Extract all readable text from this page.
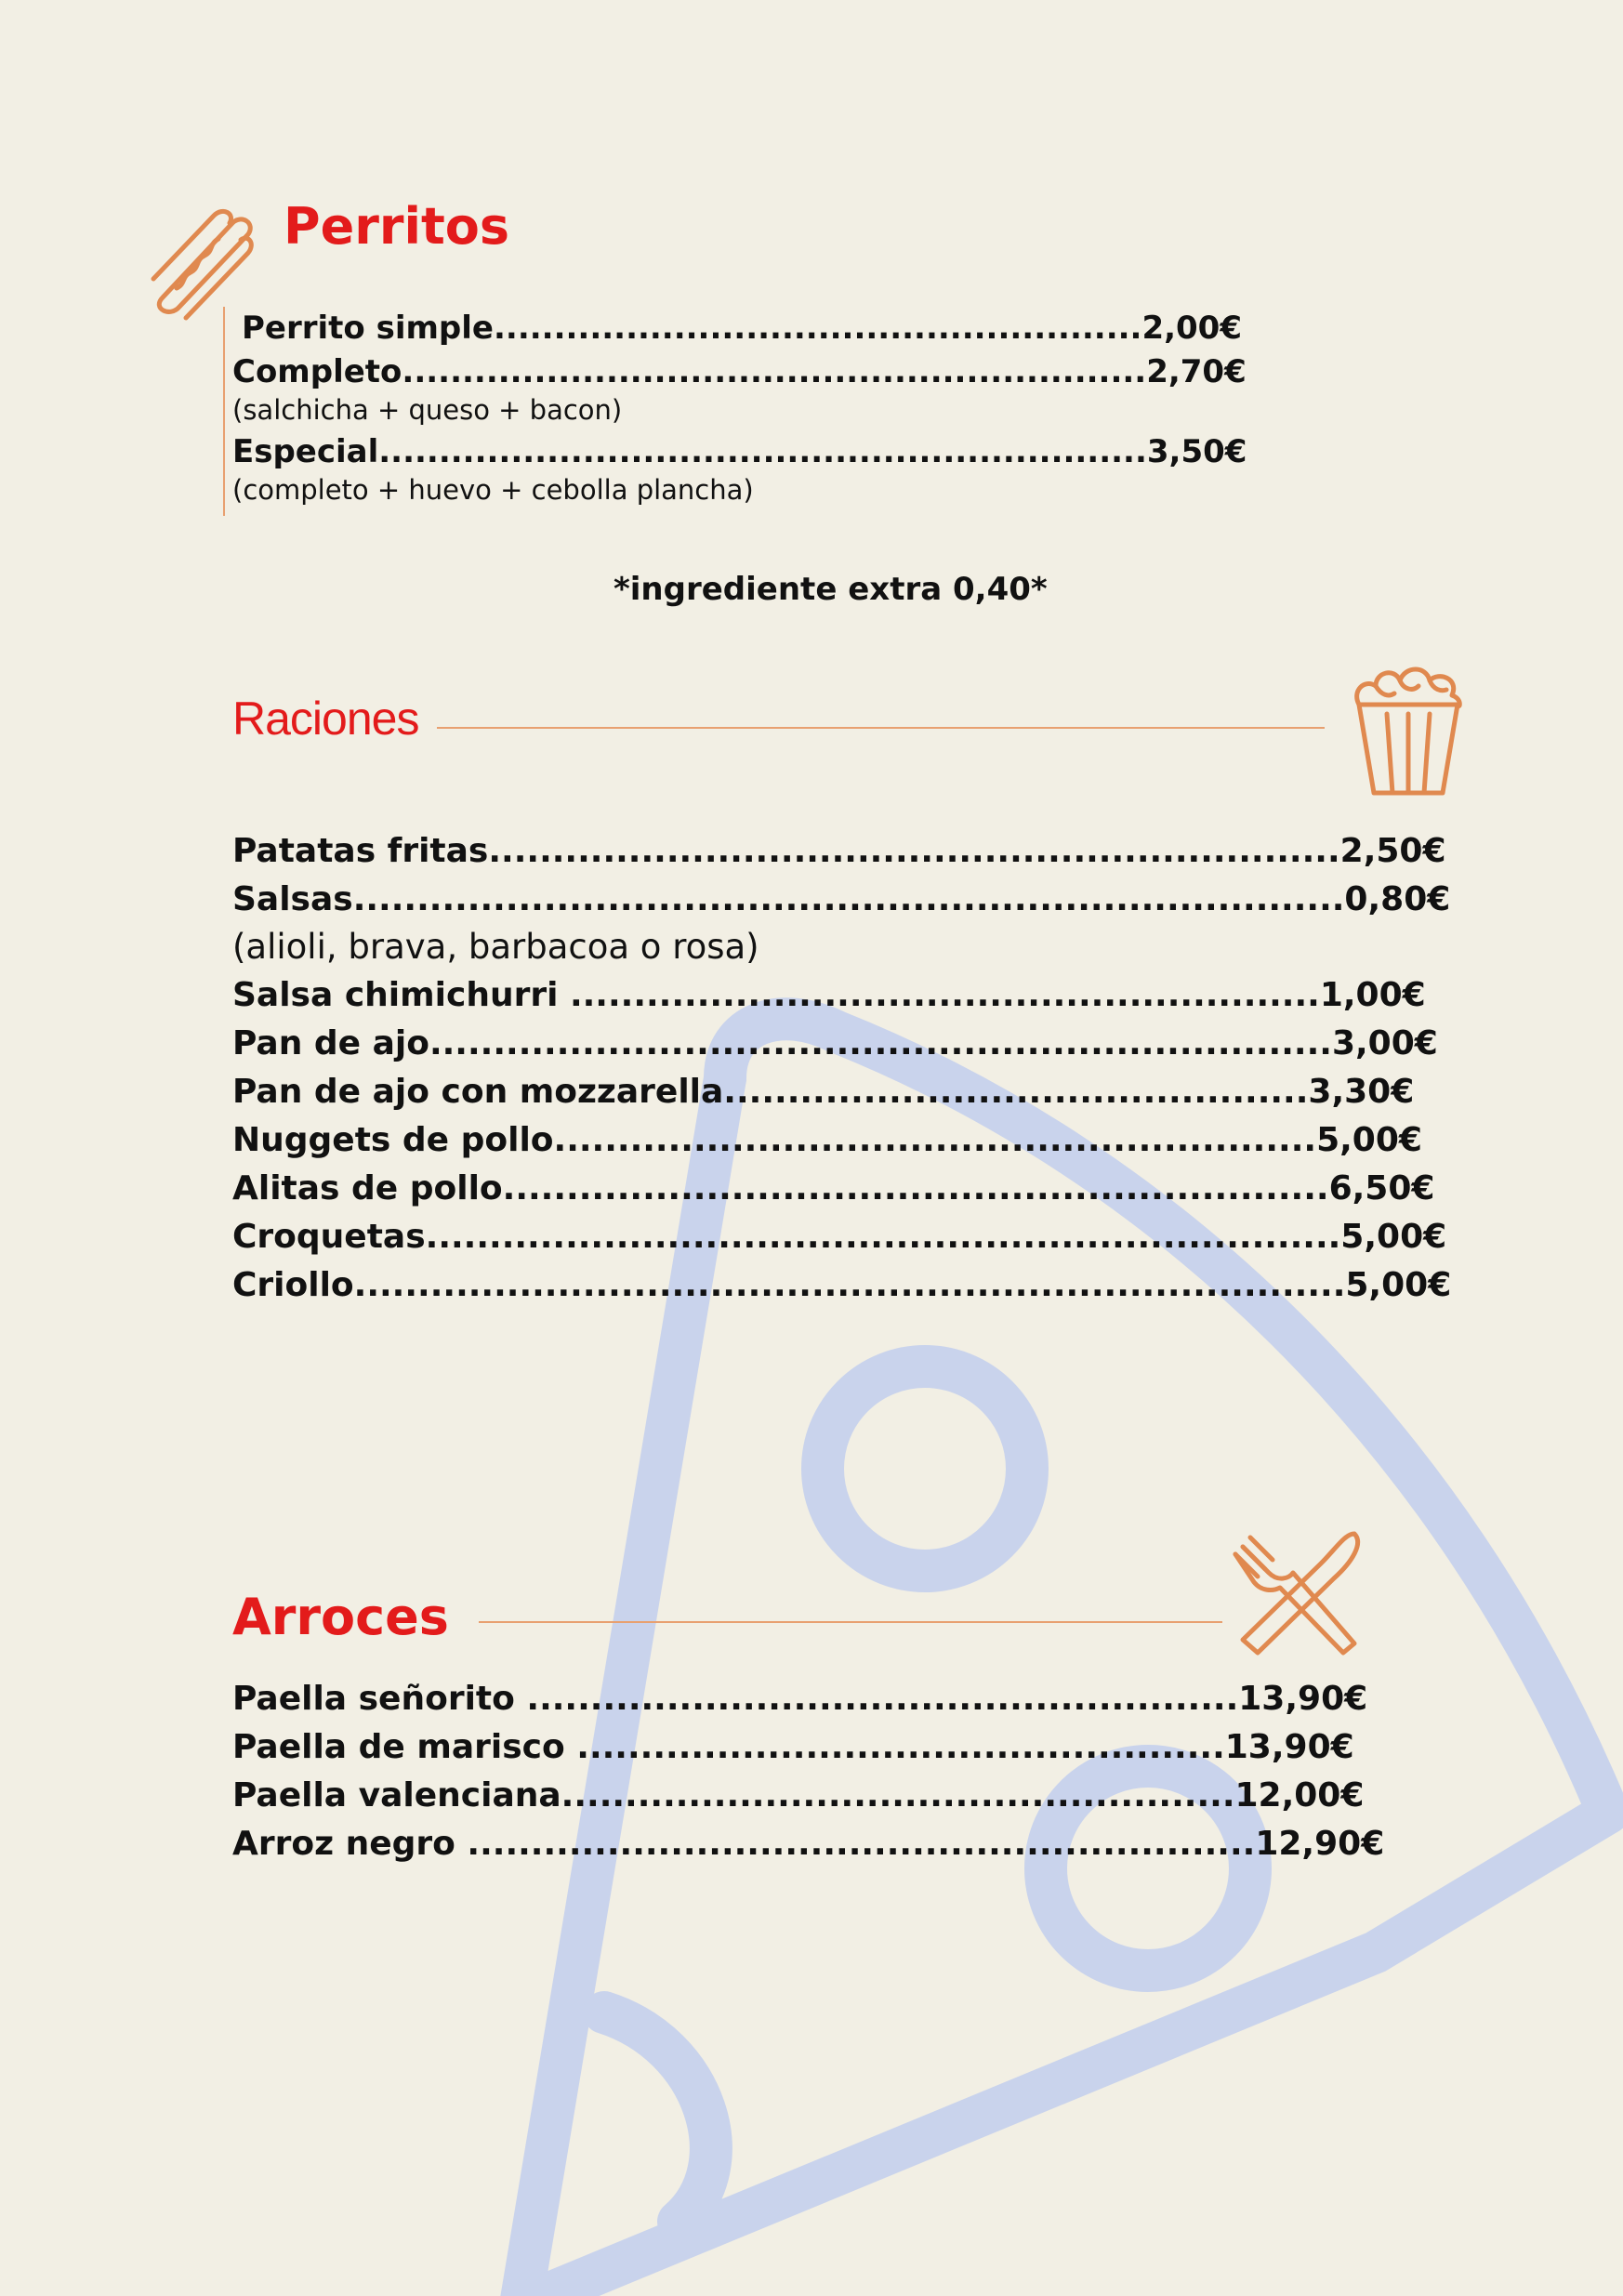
Perritos
Perrito simple......................................................2,00€
Completo..............................................................2,70€
(salchicha + queso + bacon)
Especial................................................................3,50€
(completo + huevo + cebolla plancha)
*ingrediente extra 0,40*
Raciones
Patatas fritas...................................................................2,50€
Salsas..............................................................................0,80€
(alioli, brava, barbacoa o rosa)
Salsa chimichurri ...........................................................1,00€
Pan de ajo.......................................................................3,00€
Pan de ajo con mozzarella..............................................3,30€
Nuggets de pollo............................................................5,00€
Alitas de pollo.................................................................6,50€
Croquetas........................................................................5,00€
Criollo..............................................................................5,00€
Arroces
Paella señorito ........................................................13,90€
Paella de marisco ...................................................13,90€
Paella valenciana.....................................................12,00€
Arroz negro ..............................................................12,90€
